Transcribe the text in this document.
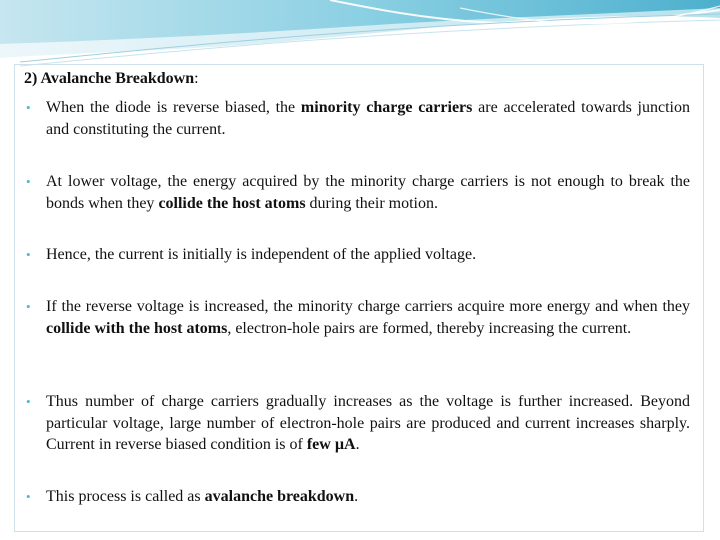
2) Avalanche Breakdown:
• When the diode is reverse biased, the minority charge carriers are accelerated towards junction and constituting the current.
• At lower voltage, the energy acquired by the minority charge carriers is not enough to break the bonds when they collide the host atoms during their motion.
• Hence, the current is initially is independent of the applied voltage.
• If the reverse voltage is increased, the minority charge carriers acquire more energy and when they collide with the host atoms, electron-hole pairs are formed, thereby increasing the current.
• Thus number of charge carriers gradually increases as the voltage is further increased. Beyond particular voltage, large number of electron-hole pairs are produced and current increases sharply. Current in reverse biased condition is of few µA.
• This process is called as avalanche breakdown.
